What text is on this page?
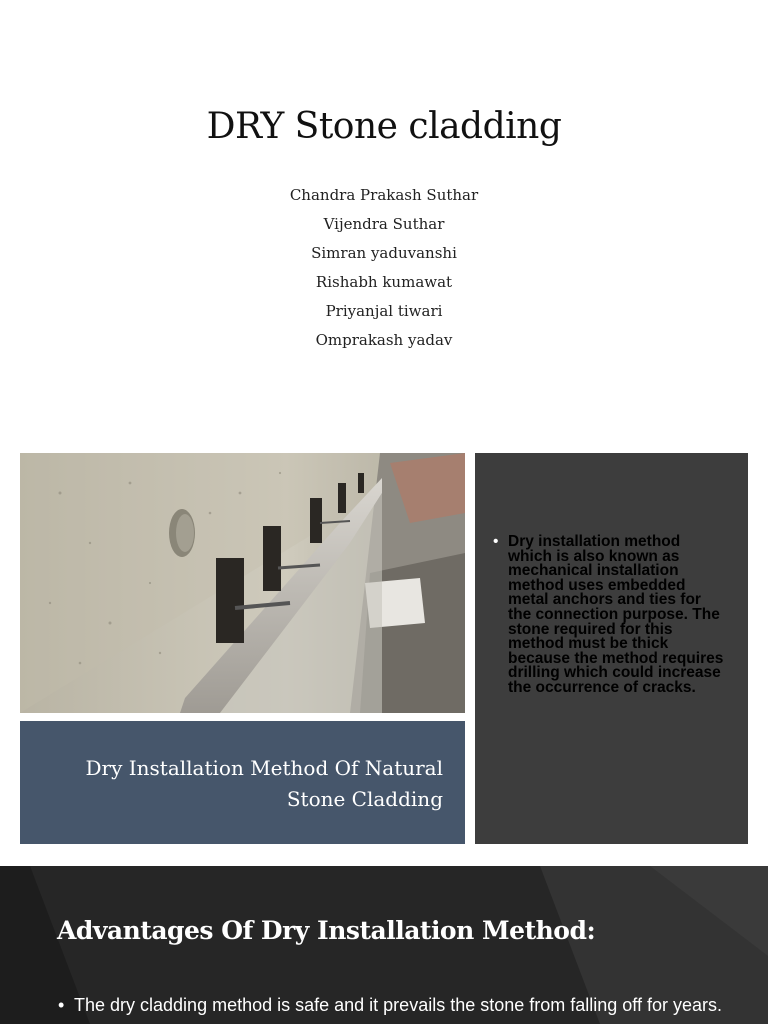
DRY Stone cladding
Chandra Prakash Suthar
Vijendra Suthar
Simran yaduvanshi
Rishabh kumawat
Priyanjal tiwari
Omprakash yadav
Dry Installation Method Of Natural Stone Cladding
• Dry installation method which is also known as mechanical installation method uses embedded metal anchors and ties for the connection purpose. The stone required for this method must be thick because the method requires drilling which could increase the occurrence of cracks.
Advantages Of Dry Installation Method:
• The dry cladding method is safe and it prevails the stone from falling off for years.
